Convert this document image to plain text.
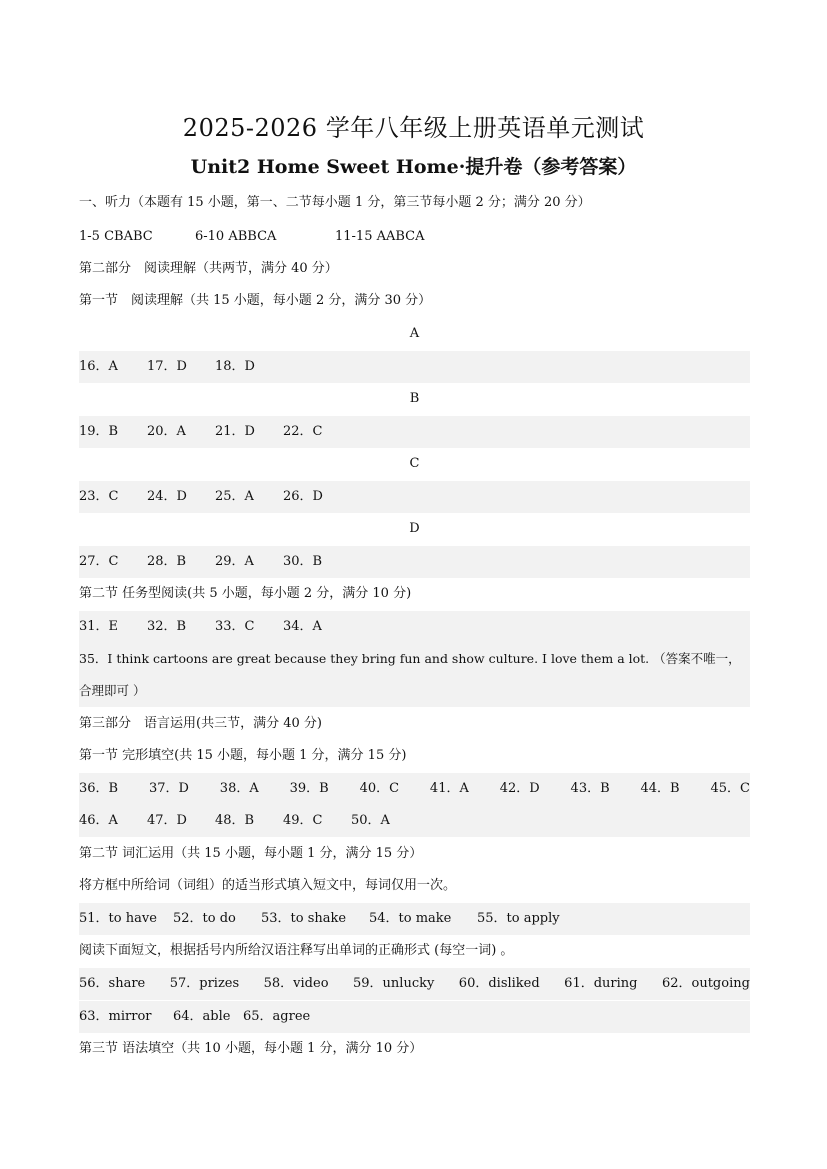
2025-2026 学年八年级上册英语单元测试
Unit2 Home Sweet Home·提升卷（参考答案）
一、听力（本题有 15 小题，第一、二节每小题 1 分，第三节每小题 2 分；满分 20 分）
1-5 CBABC	6-10 ABBCA	11-15 AABCA
第二部分　阅读理解（共两节，满分 40 分）
第一节　阅读理解（共 15 小题，每小题 2 分，满分 30 分）
A
16．A	17．D	18．D
B
19．B	20．A	21．D	22．C
C
23．C	24．D	25．A	26．D
D
27．C	28．B	29．A	30．B
第二节 任务型阅读(共 5 小题，每小题 2 分，满分 10 分)
31．E	32．B	33．C	34．A
35．I think cartoons are great because they bring fun and show culture. I love them a lot. （答案不唯一，合理即可 ）
第三部分　语言运用(共三节，满分 40 分)
第一节 完形填空(共 15 小题，每小题 1 分，满分 15 分)
36．B 37．D 38．A 39．B 40．C 41．A 42．D 43．B 44．B 45．C
46．A	47．D	48．B	49．C	50．A
第二节 词汇运用（共 15 小题，每小题 1 分，满分 15 分）
将方框中所给词（词组）的适当形式填入短文中，每词仅用一次。
51．to have	52．to do	53．to shake	54．to make	55．to apply
阅读下面短文，根据括号内所给汉语注释写出单词的正确形式 (每空一词) 。
56．share 57．prizes 58．video 59．unlucky 60．disliked 61．during 62．outgoing
63．mirror	64．able 65．agree
第三节 语法填空（共 10 小题，每小题 1 分，满分 10 分）
